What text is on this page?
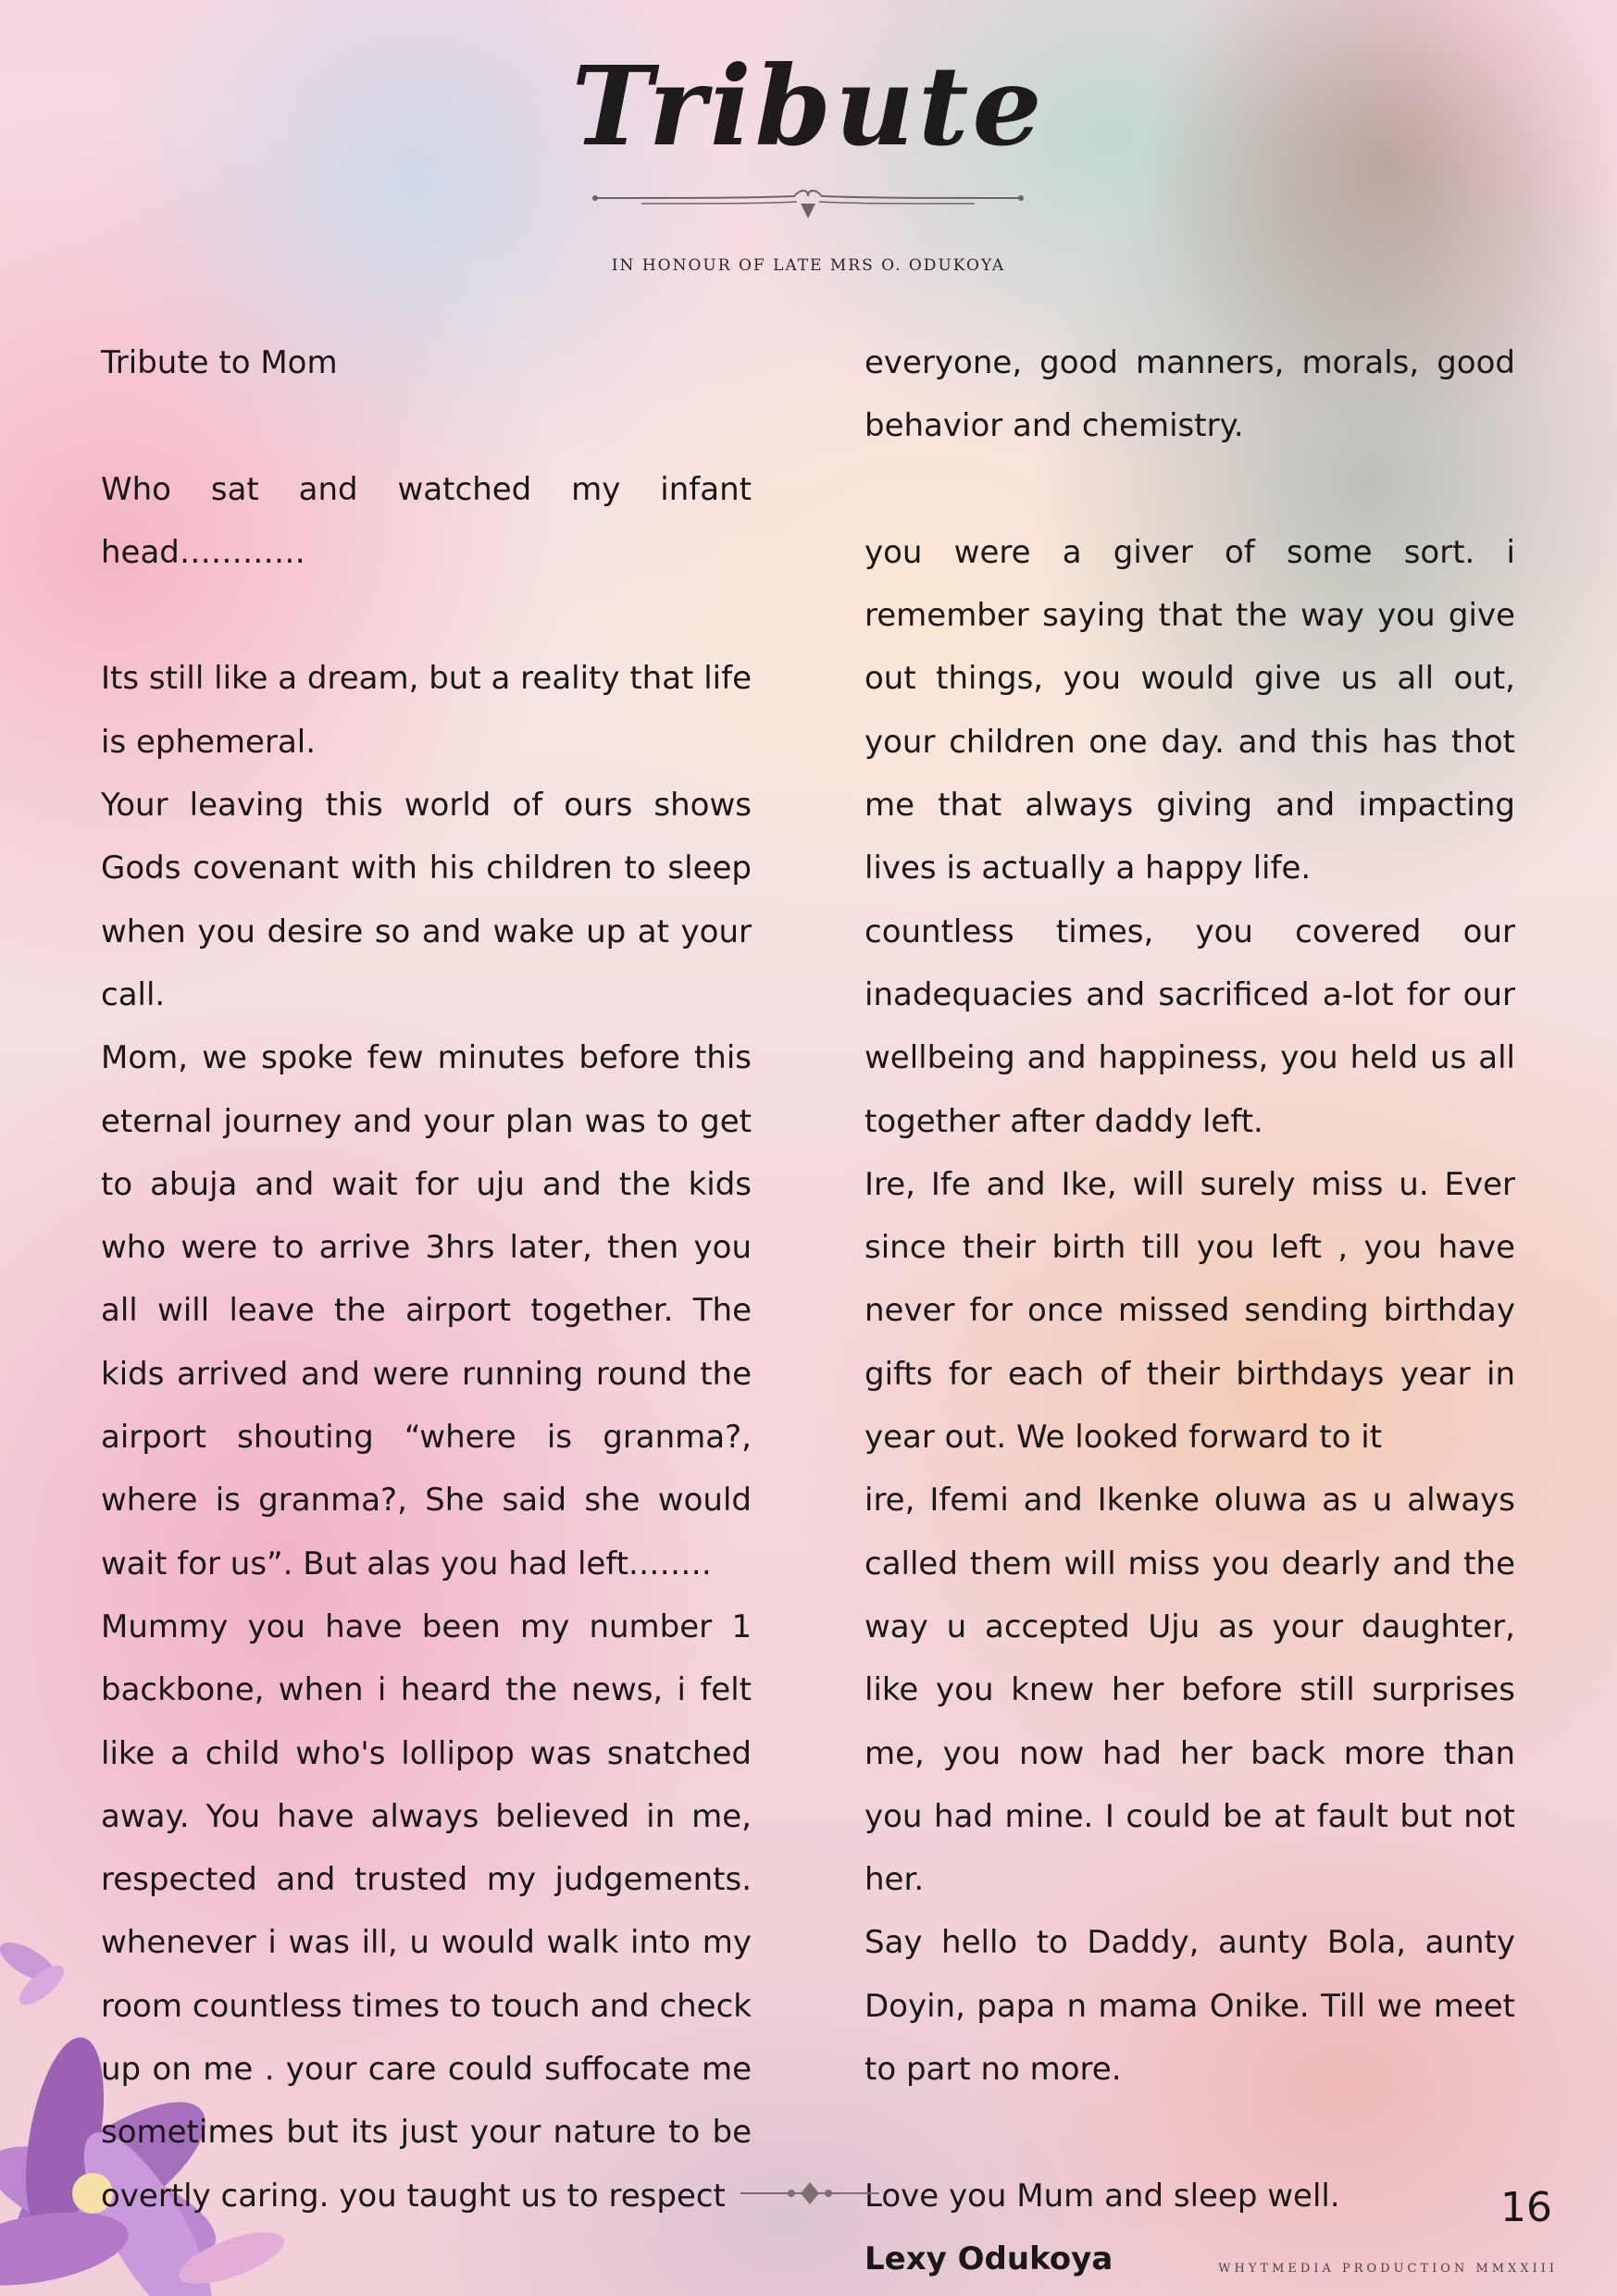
Tribute

IN HONOUR OF LATE MRS O. ODUKOYA

Tribute to Mom

Who sat and watched my infant head…………

Its still like a dream, but a reality that life is ephemeral.

Your leaving this world of ours shows Gods covenant with his children to sleep when you desire so and wake up at your call.

Mom, we spoke few minutes before this eternal journey and your plan was to get to abuja and wait for uju and the kids who were to arrive 3hrs later, then you all will leave the airport together. The kids arrived and were running round the airport shouting “where is granma?, where is granma?, She said she would wait for us”. But alas you had left.…….

Mummy you have been my number 1 backbone, when i heard the news, i felt like a child who's lollipop was snatched away. You have always believed in me, respected and trusted my judgements. whenever i was ill, u would walk into my room countless times to touch and check up on me . your care could suffocate me sometimes but its just your nature to be overtly caring. you taught us to respect

everyone, good manners, morals, good behavior and chemistry.

you were a giver of some sort. i remember saying that the way you give out things, you would give us all out, your children one day. and this has thot me that always giving and impacting lives is actually a happy life.

countless times, you covered our inadequacies and sacrificed a-lot for our wellbeing and happiness, you held us all together after daddy left.

Ire, Ife and Ike, will surely miss u. Ever since their birth till you left , you have never for once missed sending birthday gifts for each of their birthdays year in year out. We looked forward to it

ire, Ifemi and Ikenke oluwa as u always called them will miss you dearly and the way u accepted Uju as your daughter, like you knew her before still surprises me, you now had her back more than you had mine. I could be at fault but not her.

Say hello to Daddy, aunty Bola, aunty Doyin, papa n mama Onike. Till we meet to part no more.

Love you Mum and sleep well.

Lexy Odukoya

16
WHYTMEDIA PRODUCTION MMXXIII
